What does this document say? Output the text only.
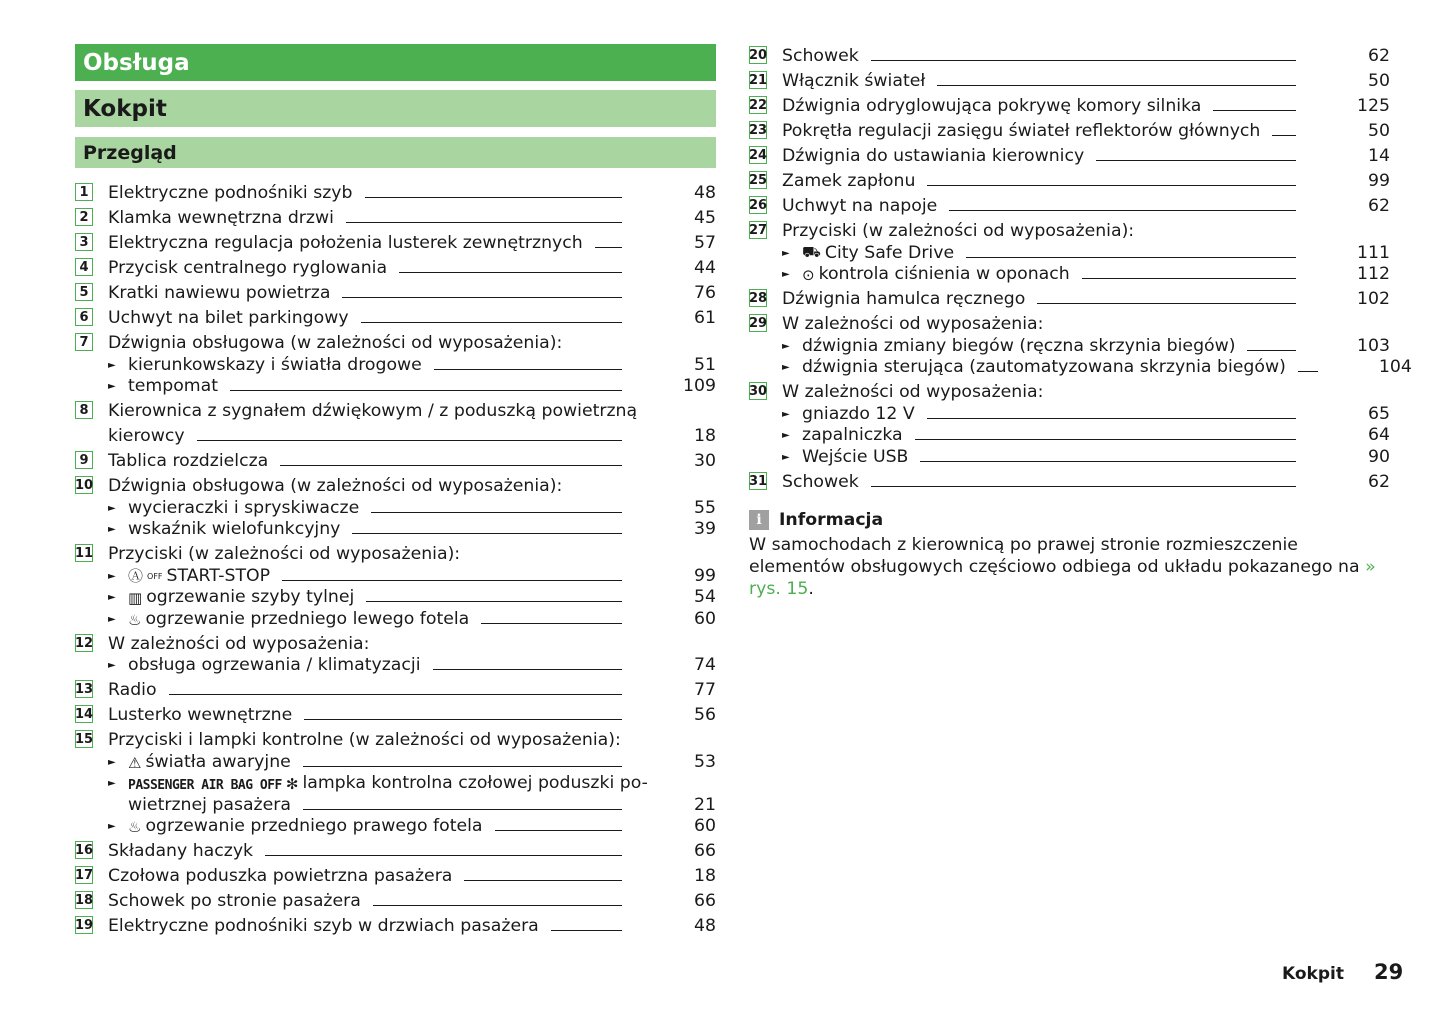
Obsługa
Kokpit
Przegląd
1 Elektryczne podnośniki szyb	48
2 Klamka wewnętrzna drzwi	45
3 Elektryczna regulacja położenia lusterek zewnętrznych	57
4 Przycisk centralnego ryglowania	44
5 Kratki nawiewu powietrza	76
6 Uchwyt na bilet parkingowy	61
7 Dźwignia obsługowa (w zależności od wyposażenia):
► kierunkowskazy i światła drogowe	51
► tempomat	109
8 Kierownica z sygnałem dźwiękowym / z poduszką powietrzną
kierowcy	18
9 Tablica rozdzielcza	30
10 Dźwignia obsługowa (w zależności od wyposażenia):
► wycieraczki i spryskiwacze	55
► wskaźnik wielofunkcyjny	39
11 Przyciski (w zależności od wyposażenia):
► Ⓐ OFF START-STOP	99
► ▥ ogrzewanie szyby tylnej	54
► ♨ ogrzewanie przedniego lewego fotela	60
12 W zależności od wyposażenia:
► obsługa ogrzewania / klimatyzacji	74
13 Radio	77
14 Lusterko wewnętrzne	56
15 Przyciski i lampki kontrolne (w zależności od wyposażenia):
► ⚠ światła awaryjne	53
► PASSENGER AIR BAG OFF ✻ lampka kontrolna czołowej poduszki po-
wietrznej pasażera	21
► ♨ ogrzewanie przedniego prawego fotela	60
16 Składany haczyk	66
17 Czołowa poduszka powietrzna pasażera	18
18 Schowek po stronie pasażera	66
19 Elektryczne podnośniki szyb w drzwiach pasażera	48
20 Schowek	62
21 Włącznik świateł	50
22 Dźwignia odryglowująca pokrywę komory silnika	125
23 Pokrętła regulacji zasięgu świateł reflektorów głównych	50
24 Dźwignia do ustawiania kierownicy	14
25 Zamek zapłonu	99
26 Uchwyt na napoje	62
27 Przyciski (w zależności od wyposażenia):
► ⛟ City Safe Drive	111
► ⊙ kontrola ciśnienia w oponach	112
28 Dźwignia hamulca ręcznego	102
29 W zależności od wyposażenia:
► dźwignia zmiany biegów (ręczna skrzynia biegów)	103
► dźwignia sterująca (zautomatyzowana skrzynia biegów)	104
30 W zależności od wyposażenia:
► gniazdo 12 V	65
► zapalniczka	64
► Wejście USB	90
31 Schowek	62
i	Informacja
W samochodach z kierownicą po prawej stronie rozmieszczenie elementów obsługowych częściowo odbiega od układu pokazanego na » rys. 15.
Kokpit 29
